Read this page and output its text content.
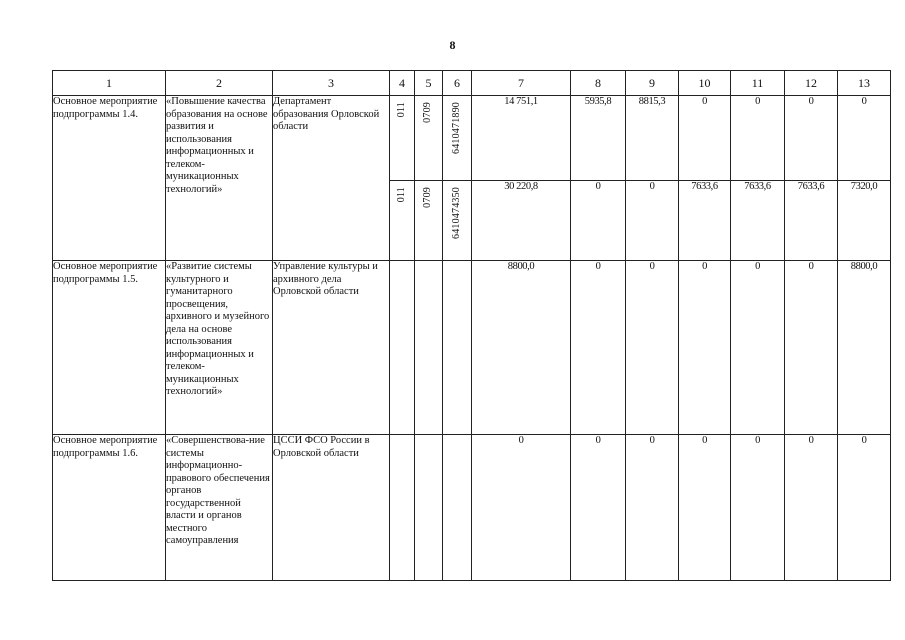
8
1	2	3	4	5	6	7	8	9	10	11	12	13
Основное мероприятие подпрограммы 1.4.	«Повышение качества образования на основе развития и использования информационных и телеком-муникационных технологий»	Департамент образования Орловской области	011	0709	6410471890	14 751,1	5935,8	8815,3	0	0	0	0

			011	0709	6410474350	30 220,8	0	0	7633,6	7633,6	7633,6	7320,0
Основное мероприятие подпрограммы 1.5.	«Развитие системы культурного и гуманитарного просвещения, архивного и музейного дела на основе использования информационных и телеком-муникационных технологий»	Управление культуры и архивного дела Орловской области				8800,0	0	0	0	0	0	8800,0
Основное мероприятие подпрограммы 1.6.	«Совершенствова-ние системы информационно-правового обеспечения органов государственной власти и органов местного самоуправления	ЦССИ ФСО России в Орловской области				0	0	0	0	0	0	0
